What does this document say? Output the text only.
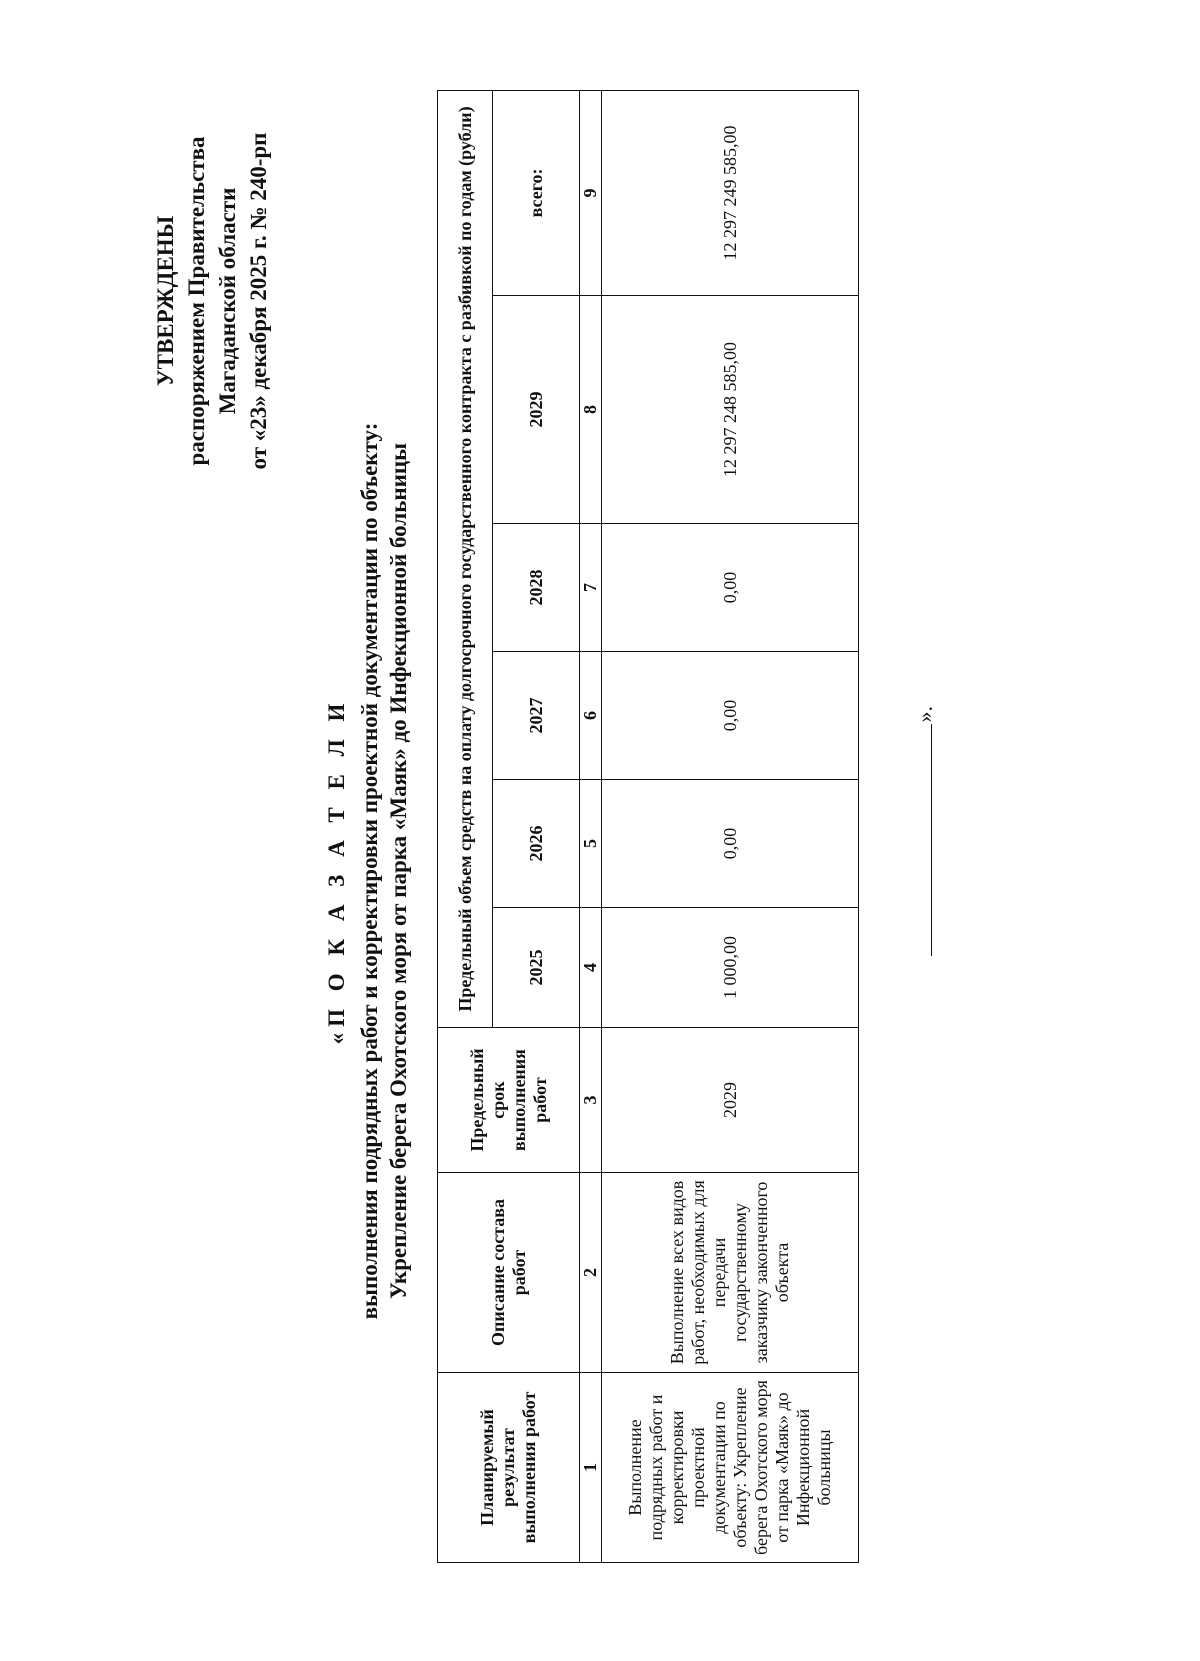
УТВЕРЖДЕНЫ распоряжением Правительства Магаданской области от «23» декабря 2025 г. № 240-рп
«П О К А З А Т Е Л И выполнения подрядных работ и корректировки проектной документации по объекту: Укрепление берега Охотского моря от парка «Маяк» до Инфекционной больницы
Планируемый результат выполнения работ	Описание состава работ	Предельный срок выполнения работ	Предельный объем средств на оплату долгосрочного государственного контракта с разбивкой по годам (рубли)					
			2025	2026	2027	2028	2029	всего:
1	2	3	4	5	6	7	8	9
Выполнение подрядных работ и корректировки проектной документации по объекту: Укрепление берега Охотского моря от парка «Маяк» до Инфекционной больницы	Выполнение всех видов работ, необходимых для передачи государственному заказчику законченного объекта	2029	1 000,00	0,00	0,00	0,00	12 297 248 585,00	12 297 249 585,00
».
